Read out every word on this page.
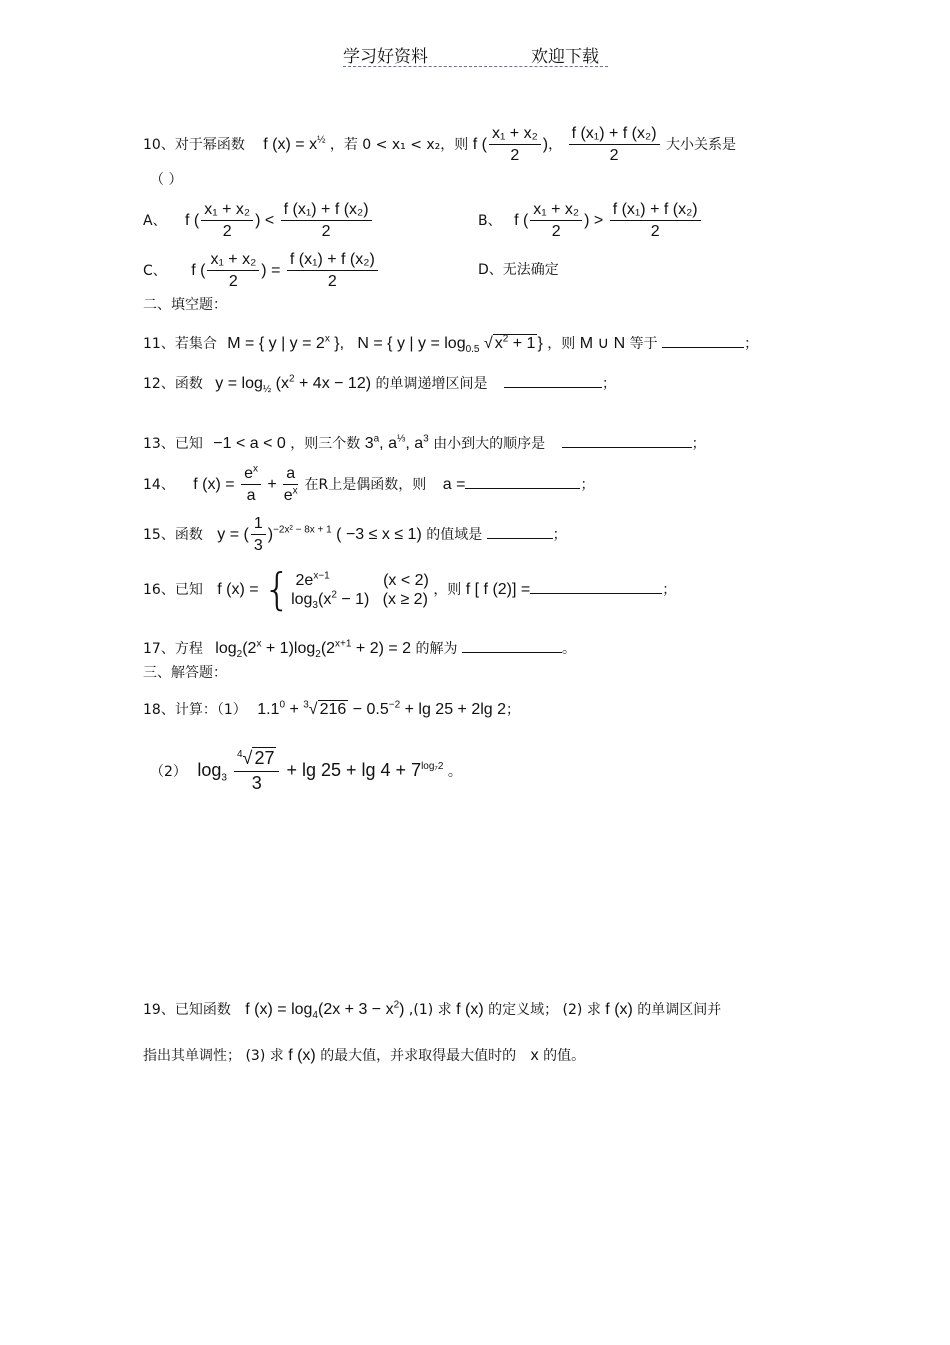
学习好资料	欢迎下载
10、对于幂函数 f $(x) = x^{\frac{1}{2}}$ ，若 0 < x₁ < x₂，则 f ( $\frac{\text{x₁ + x₂}}{2}$ )， $\frac{\text{f (x₁) + f (x₂)}}{2}$ 大小关系是
（ ）
A、 f ( $\frac{\text{x₁ + x₂}}{2}$ ) < $\frac{\text{f (x₁) + f (x₂)}}{2}$	B、 f ( $\frac{\text{x₁ + x₂}}{2}$ ) > $\frac{\text{f (x₁) + f (x₂)}}{2}$
C、 f ( $\frac{\text{x₁ + x₂}}{2}$ ) = $\frac{\text{f (x₁) + f (x₂)}}{2}$	D、无法确定
二、填空题：
11、若集合 M = { y | $y = 2^x$ },   N = { y | $y = \log_{0.5}$ √ $x^2 + 1$ } ，则 M ∪ N 等于	；
12、函数 $y = \log_{\frac{1}{2}} (x^2 + 4x - 12)$ 的单调递增区间是	；
13、已知 −1 < a < 0 ，则三个数 3$^a$, $a^{\frac{1}{3}}$, $a^3$ 由小到大的顺序是	；
14、 f $(x) = \frac{e^x}{a} + \frac{a}{e^x}$ 在R上是偶函数，则 a =	；
15、函数 y = ( $\frac{1}{3} )^{-2x^2 - 8x + 1}$ ( −3 ≤ x ≤ 1) 的值域是	；
16、已知 f (x) = { $2e^{x-1}$            (x < 2)
$\log_3(x^2 - 1) (x \ge 2)$
，则 f [ f (2)] =	；
17、方程 $\log_2(2^x + 1)\log_2(2^{x+1} + 2) = 2$ 的解为	。
三、解答题：
18、计算：（1） $1.1^0 + ^3√$ $216 - 0.5^{-2} + \lg 25 + 2\lg$ 2；
（2） $\log_3 \frac{^4√ 27}{3} + \lg 25 + \lg 4 + 7^{log_72}$ 。
19、已知函数 f $(x) = \log_4(2x + 3 - x^2)$ ,(1) 求 f (x) 的定义域； (2) 求 f (x) 的单调区间并
指出其单调性； (3) 求 f (x) 的最大值，并求取得最大值时的 x 的值。
